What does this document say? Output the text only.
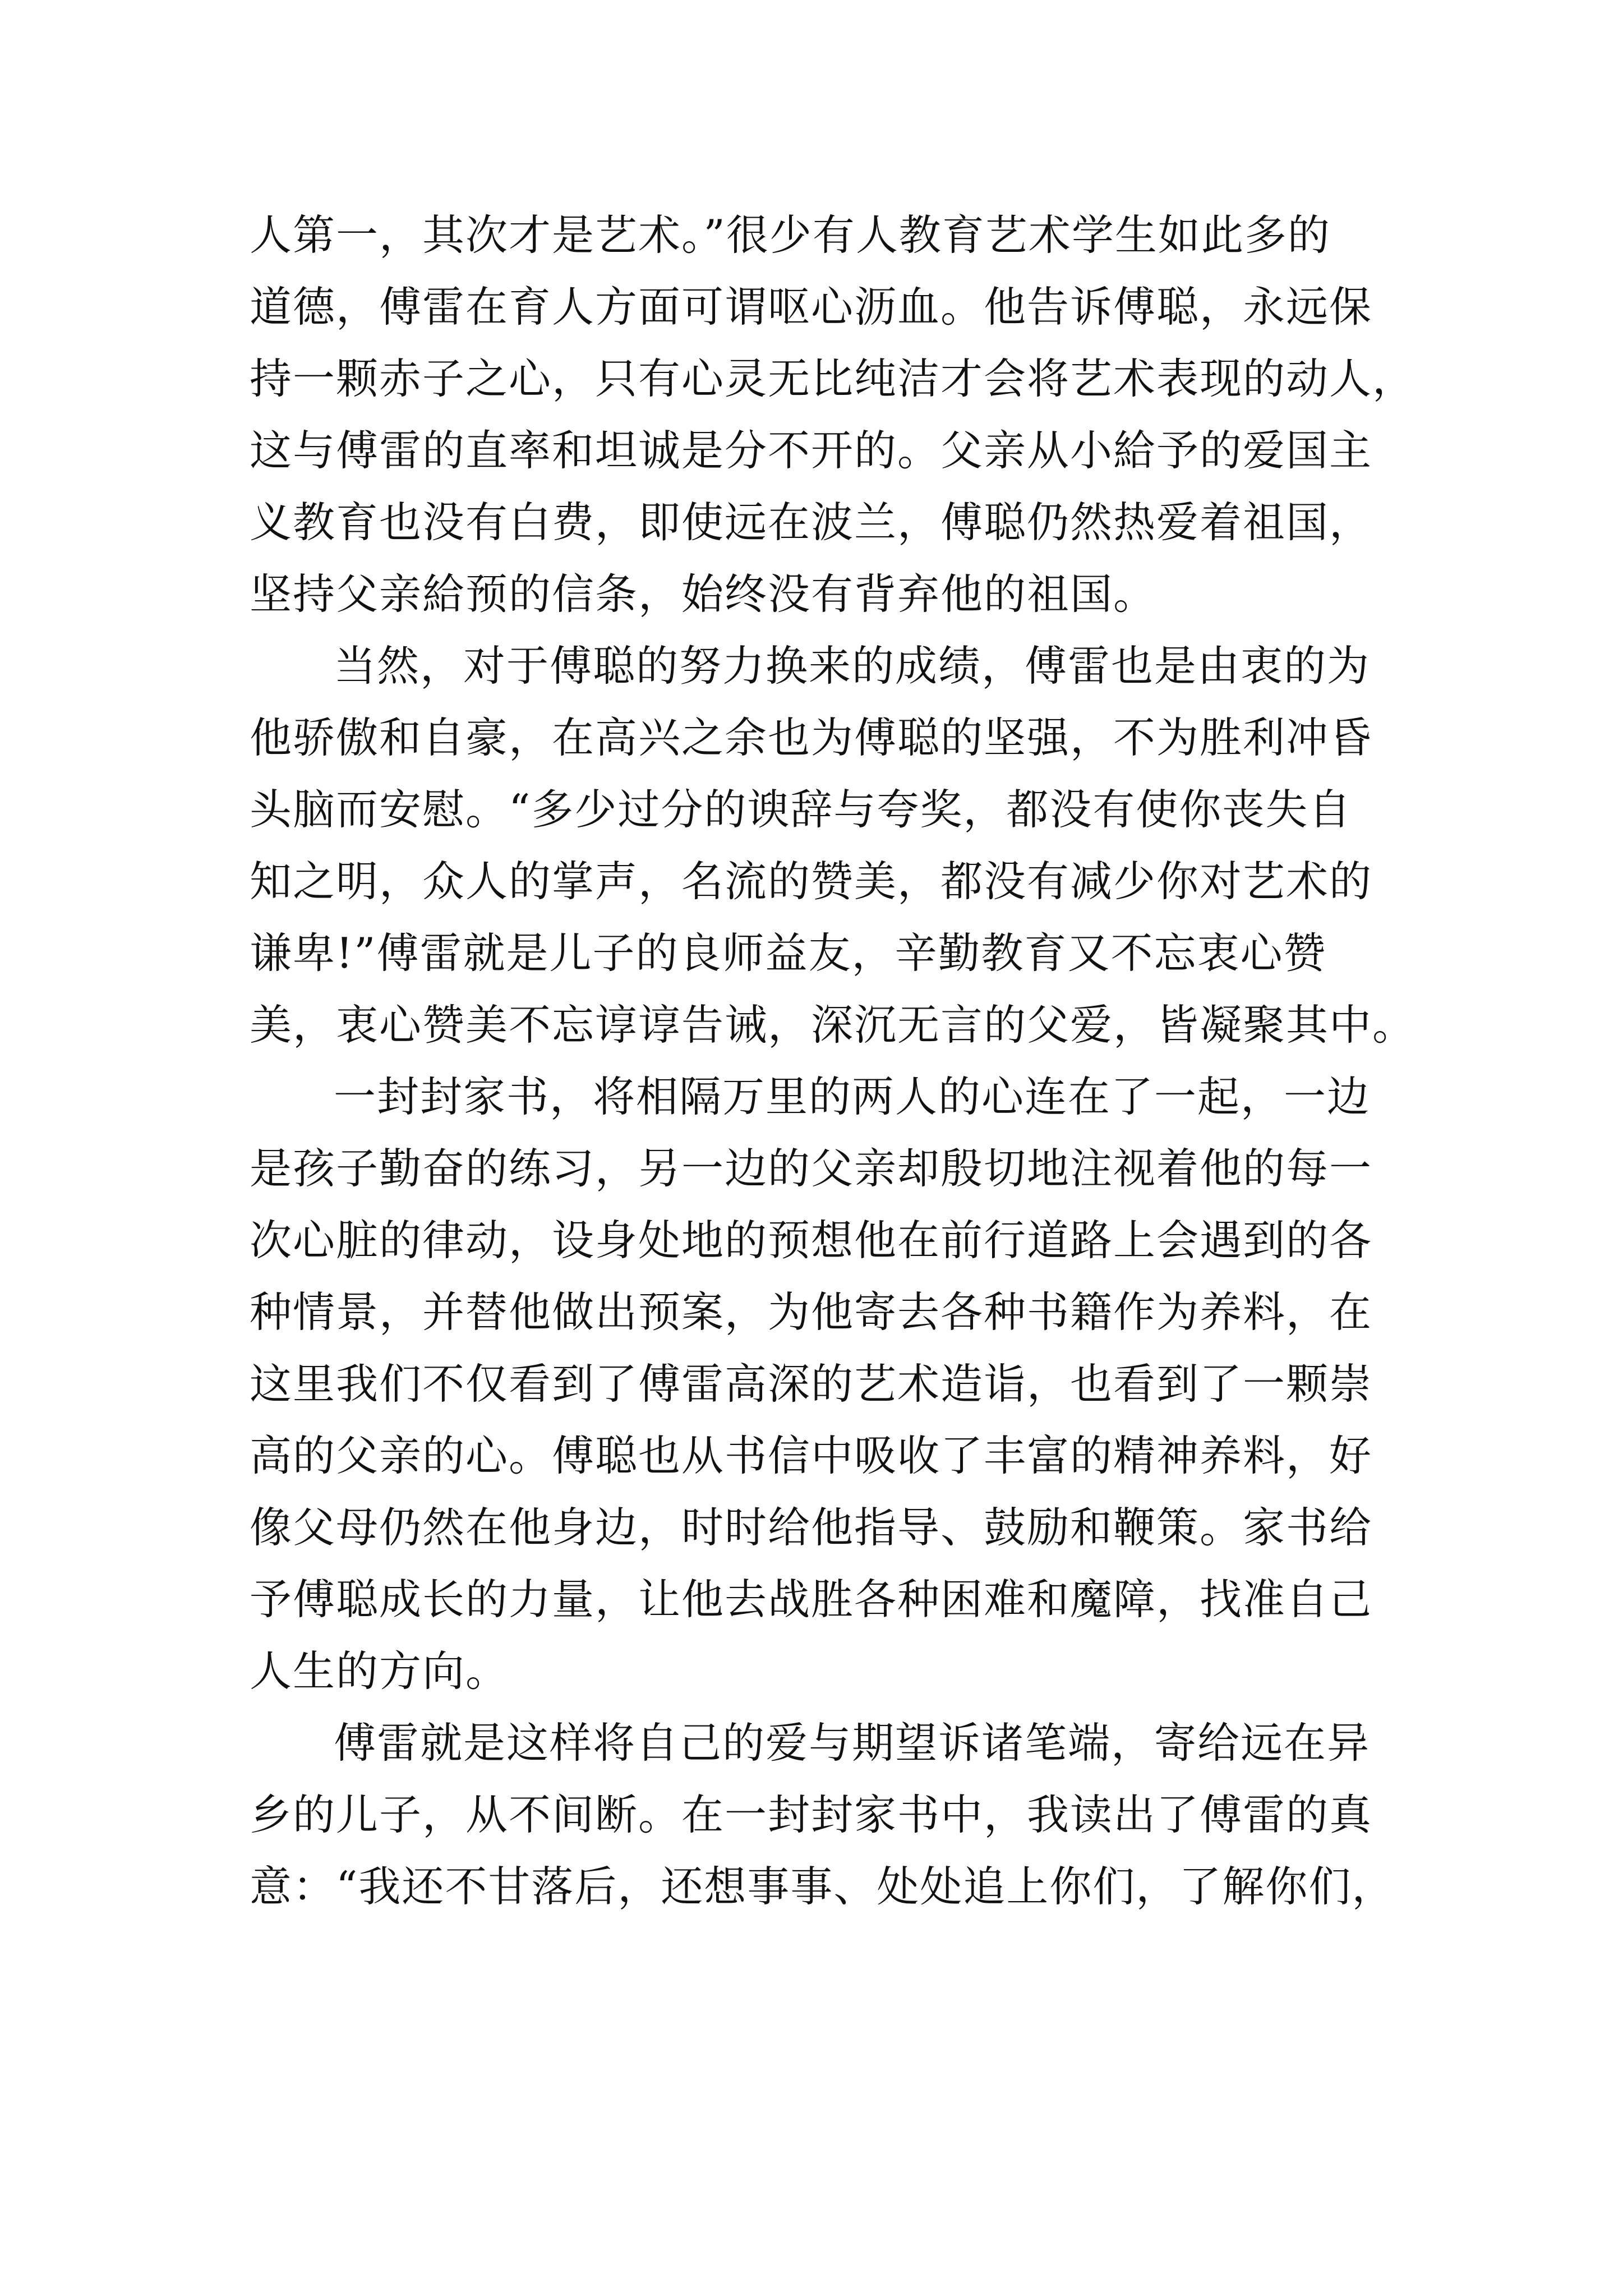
人第一，其次才是艺术。”很少有人教育艺术学生如此多的
道德，傅雷在育人方面可谓呕心沥血。他告诉傅聪，永远保
持一颗赤子之心，只有心灵无比纯洁才会将艺术表现的动人，
这与傅雷的直率和坦诚是分不开的。父亲从小給予的爱国主
义教育也没有白费，即使远在波兰，傅聪仍然热爱着祖国，
坚持父亲給预的信条，始终没有背弃他的祖国。
当然，对于傅聪的努力换来的成绩，傅雷也是由衷的为
他骄傲和自豪，在高兴之余也为傅聪的坚强，不为胜利冲昏
头脑而安慰。“多少过分的谀辞与夸奖，都没有使你丧失自
知之明，众人的掌声，名流的赞美，都没有减少你对艺术的
谦卑!”傅雷就是儿子的良师益友，辛勤教育又不忘衷心赞
美，衷心赞美不忘谆谆告诫，深沉无言的父爱，皆凝聚其中。
一封封家书，将相隔万里的两人的心连在了一起，一边
是孩子勤奋的练习，另一边的父亲却殷切地注视着他的每一
次心脏的律动，设身处地的预想他在前行道路上会遇到的各
种情景，并替他做出预案，为他寄去各种书籍作为养料，在
这里我们不仅看到了傅雷高深的艺术造诣，也看到了一颗崇
高的父亲的心。傅聪也从书信中吸收了丰富的精神养料，好
像父母仍然在他身边，时时给他指导、鼓励和鞭策。家书给
予傅聪成长的力量，让他去战胜各种困难和魔障，找准自己
人生的方向。
傅雷就是这样将自己的爱与期望诉诸笔端，寄给远在异
乡的儿子，从不间断。在一封封家书中，我读出了傅雷的真
意：“我还不甘落后，还想事事、处处追上你们，了解你们，
